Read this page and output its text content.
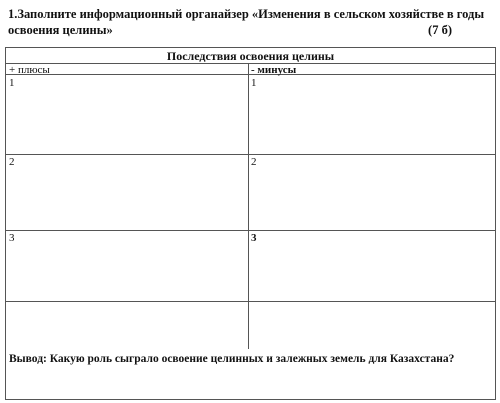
1.Заполните информационный органайзер «Изменения в сельском хозяйстве в годы
освоения целины»	(7 б)
Последствия освоения целины
+ плюсы	- минусы
1	1
2	2
3	3
Вывод: Какую роль сыграло освоение целинных и залежных земель для Казахстана?
